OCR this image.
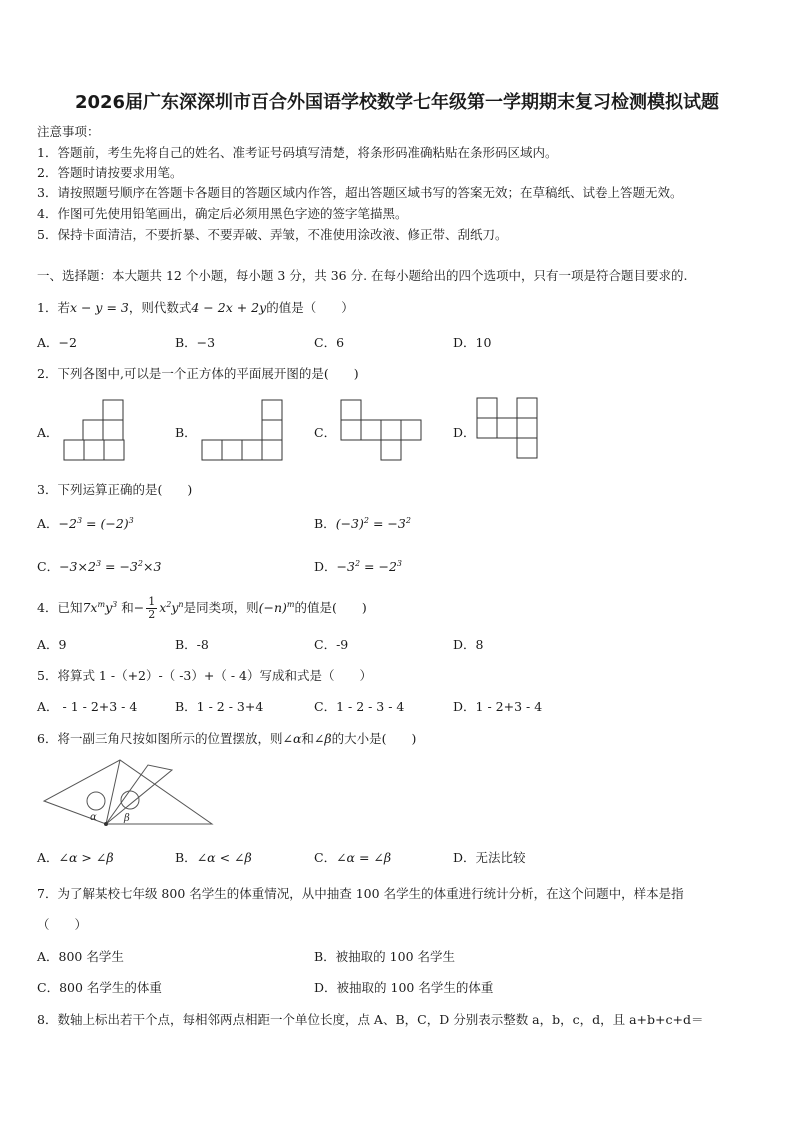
2026届广东深深圳市百合外国语学校数学七年级第一学期期末复习检测模拟试题
注意事项：
1．答题前，考生先将自己的姓名、准考证号码填写清楚，将条形码准确粘贴在条形码区域内。
2．答题时请按要求用笔。
3．请按照题号顺序在答题卡各题目的答题区域内作答，超出答题区域书写的答案无效；在草稿纸、试卷上答题无效。
4．作图可先使用铅笔画出，确定后必须用黑色字迹的签字笔描黑。
5．保持卡面清洁，不要折暴、不要弄破、弄皱，不准使用涂改液、修正带、刮纸刀。
一、选择题：本大题共 12 个小题，每小题 3 分，共 36 分. 在每小题给出的四个选项中，只有一项是符合题目要求的.
1．若x − y = 3，则代数式4 − 2x + 2y的值是（　　）
A．−2	B．−3	C．6	D．10
2．下列各图中,可以是一个正方体的平面展开图的是(　　)
A．	B．	C．	D．
3．下列运算正确的是(　　)
A．$-2^3 = (-2)^3$	B．$(-3)^2 = -3^2$
C．$-3\times 2^3 = -3^2\times 3$	D．$-3^2 = -2^3$
4．已知$7x^my^3$ 和− $\frac{1}{2} x^2y^n$是同类项，则$(-n)^m$的值是(　　)
A．9	B．-8	C．-9	D．8
5．将算式 1 -（+2）-（ -3）+（ - 4）写成和式是（　　）
A． - 1 - 2+3 - 4	B．1 - 2 - 3+4	C．1 - 2 - 3 - 4	D．1 - 2+3 - 4
6．将一副三角尺按如图所示的位置摆放，则∠α和∠β的大小是(　　)
α	β
A．∠α > ∠β	B．∠α < ∠β	C．∠α = ∠β	D．无法比较
7．为了解某校七年级 800 名学生的体重情况，从中抽查 100 名学生的体重进行统计分析，在这个问题中，样本是指
（　　）
A．800 名学生	B．被抽取的 100 名学生
C．800 名学生的体重	D．被抽取的 100 名学生的体重
8．数轴上标出若干个点，每相邻两点相距一个单位长度，点 A、B，C，D 分别表示整数 a，b，c，d，且 a+b+c+d＝
